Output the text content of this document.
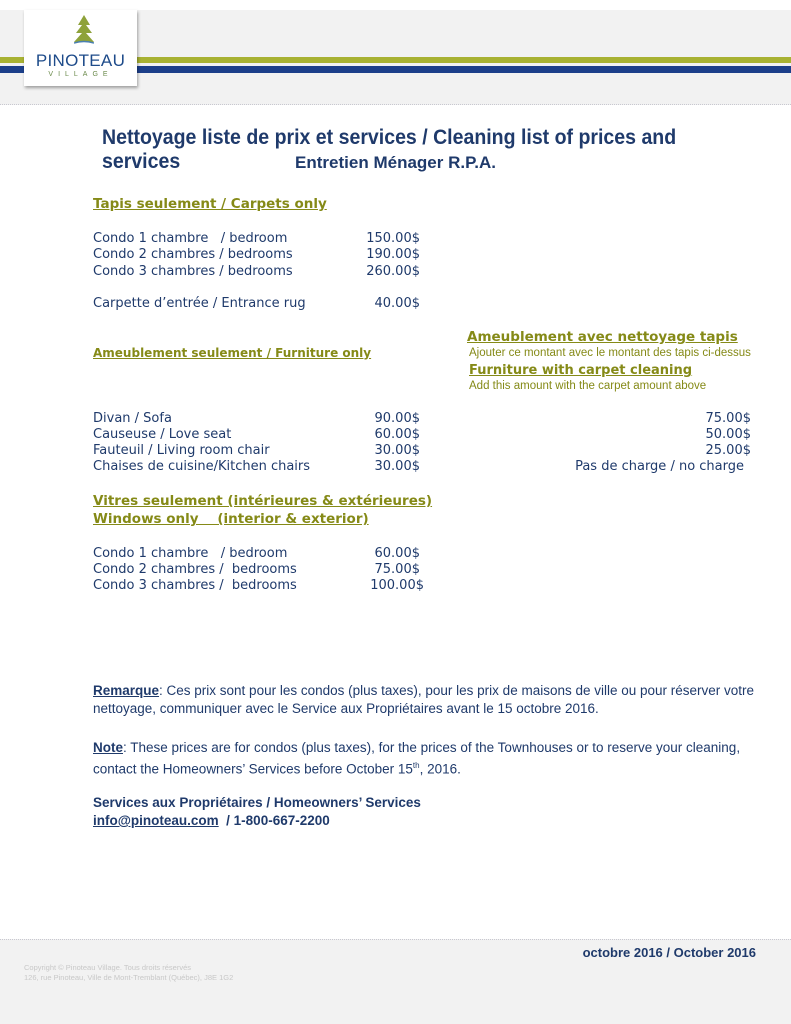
PINOTEAU
VILLAGE
Nettoyage liste de prix et services / Cleaning list of prices and services	Entretien Ménager R.P.A.
Tapis seulement / Carpets only
Condo 1 chambre   / bedroom	150.00$
Condo 2 chambres / bedrooms	190.00$
Condo 3 chambres / bedrooms	260.00$
Carpette d’entrée / Entrance rug	40.00$
Ameublement avec nettoyage tapis
Ajouter ce montant avec le montant des tapis ci-dessus
Furniture with carpet cleaning
Add this amount with the carpet amount above
Ameublement seulement / Furniture only
Divan / Sofa	90.00$	75.00$
Causeuse / Love seat	60.00$	50.00$
Fauteuil / Living room chair	30.00$	25.00$
Chaises de cuisine/Kitchen chairs	30.00$	Pas de charge / no charge
Vitres seulement (intérieures & extérieures)
Windows only    (interior & exterior)
Condo 1 chambre   / bedroom	60.00$
Condo 2 chambres /  bedrooms	75.00$
Condo 3 chambres /  bedrooms	100.00$
Remarque: Ces prix sont pour les condos (plus taxes), pour les prix de maisons de ville ou pour réserver votre nettoyage, communiquer avec le Service aux Propriétaires avant le 15 octobre 2016.
Note: These prices are for condos (plus taxes), for the prices of the Townhouses or to reserve your cleaning, contact the Homeowners’ Services before October 15th, 2016.
Services aux Propriétaires / Homeowners’ Services
info@pinoteau.com  / 1-800-667-2200
octobre 2016 / October 2016
Copyright © Pinoteau Village. Tous droits réservés
126, rue Pinoteau, Ville de Mont-Tremblant (Québec), J8E 1G2
